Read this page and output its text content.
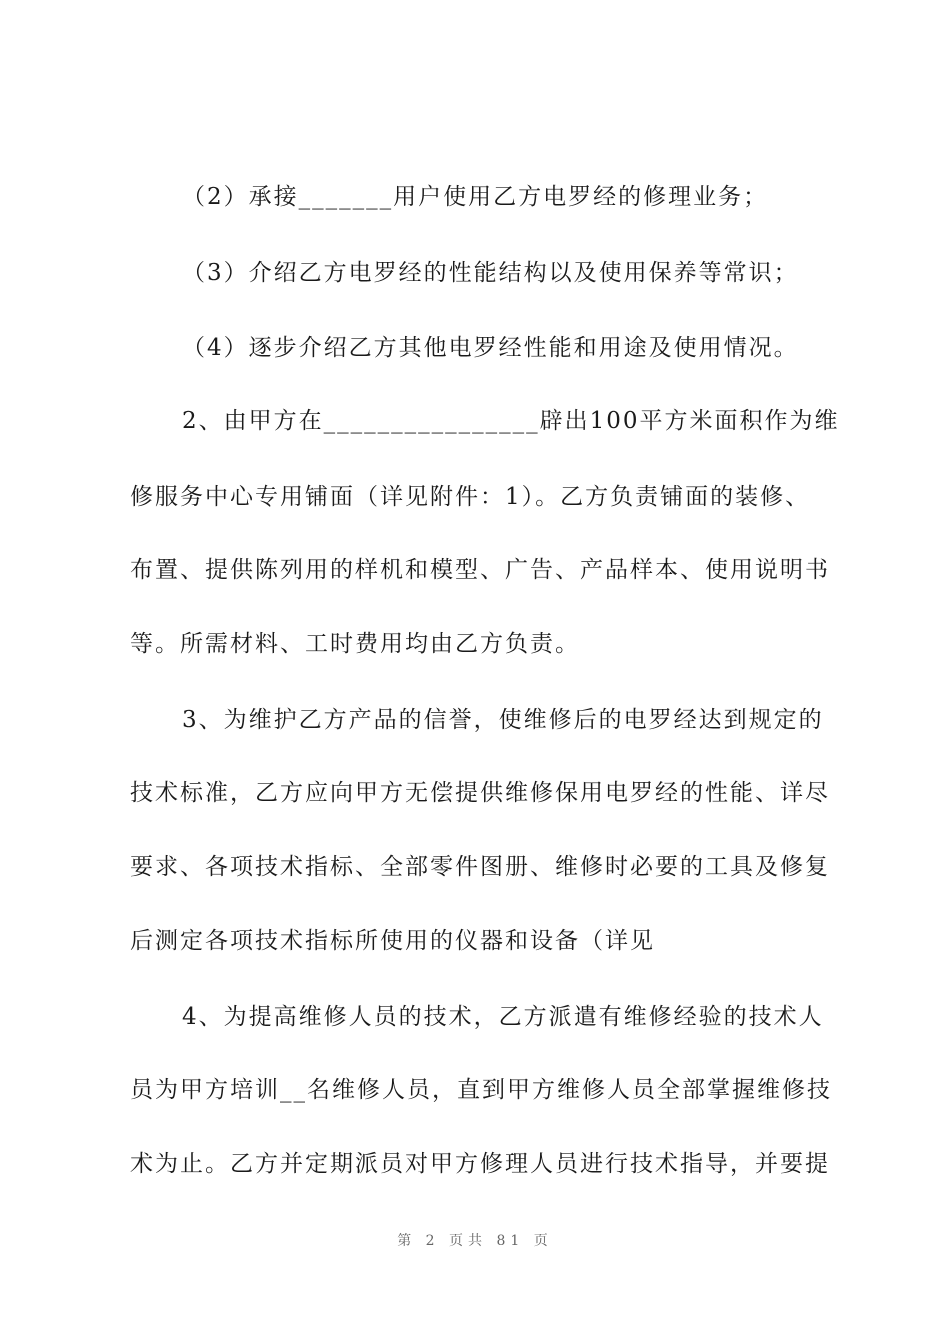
（2）承接_______用户使用乙方电罗经的修理业务；
（3）介绍乙方电罗经的性能结构以及使用保养等常识；
（4）逐步介绍乙方其他电罗经性能和用途及使用情况。
2、由甲方在________________辟出100平方米面积作为维
修服务中心专用铺面（详见附件：1）。乙方负责铺面的装修、
布置、提供陈列用的样机和模型、广告、产品样本、使用说明书
等。所需材料、工时费用均由乙方负责。
3、为维护乙方产品的信誉，使维修后的电罗经达到规定的
技术标准，乙方应向甲方无偿提供维修保用电罗经的性能、详尽
要求、各项技术指标、全部零件图册、维修时必要的工具及修复
后测定各项技术指标所使用的仪器和设备（详见
4、为提高维修人员的技术，乙方派遣有维修经验的技术人
员为甲方培训__名维修人员，直到甲方维修人员全部掌握维修技
术为止。乙方并定期派员对甲方修理人员进行技术指导，并要提
第 2 页共 81 页
